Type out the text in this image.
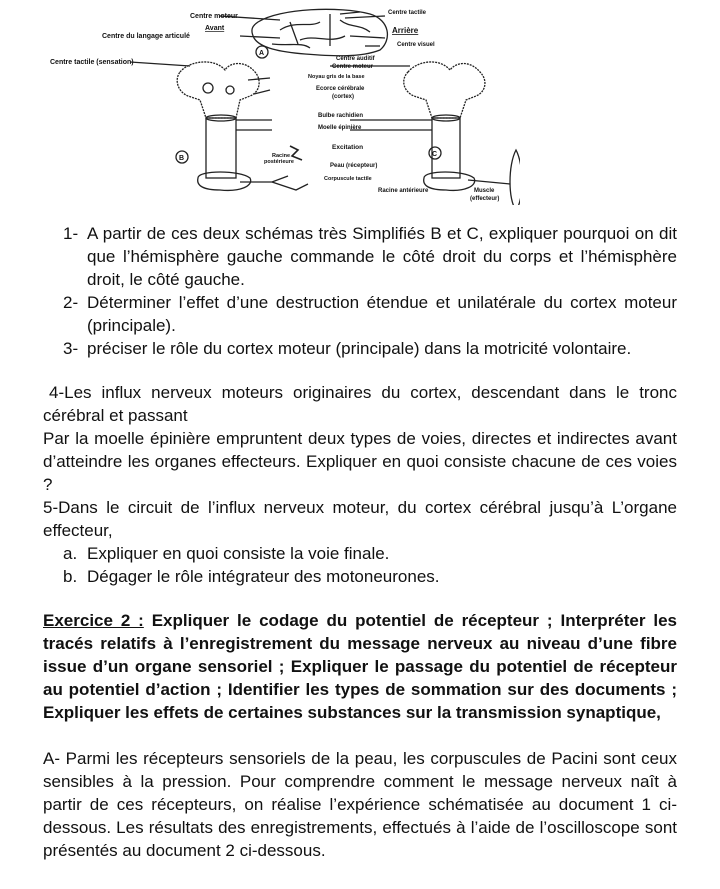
Centre moteur
Avant
Centre du langage articulé
Centre tactile
Arrière
Centre visuel
Centre tactile (sensation)	Centre auditif
Centre moteur
Noyau gris de la base
Ecorce cérébrale
(cortex)
Bulbe rachidien
Moelle épinière
Excitation
Racine
postérieure
Peau (récepteur)
Corpuscule tactile
Racine antérieure	Muscle
(effecteur)
A
B
C
1- A partir de ces deux schémas très Simplifiés B et C, expliquer pourquoi on dit que l’hémisphère gauche commande le côté droit du corps et l’hémisphère droit, le côté gauche.
2- Déterminer l’effet d’une destruction étendue et unilatérale du cortex moteur (principale).
3- préciser le rôle du cortex moteur (principale) dans la motricité volontaire.
4-Les influx nerveux moteurs originaires du cortex, descendant dans le tronc cérébral et passant
Par la moelle épinière empruntent deux types de voies, directes et indirectes avant d’atteindre les organes effecteurs. Expliquer en quoi consiste chacune de ces voies ?
5-Dans le circuit de l’influx nerveux moteur, du cortex cérébral jusqu’à L’organe effecteur,
a. Expliquer en quoi consiste la voie finale.
b. Dégager le rôle intégrateur des motoneurones.
Exercice 2 : Expliquer le codage du potentiel de récepteur ; Interpréter les tracés relatifs à l’enregistrement du message nerveux au niveau d’une fibre issue d’un organe sensoriel ; Expliquer le passage du potentiel de récepteur au potentiel d’action ; Identifier les types de sommation sur des documents ; Expliquer les effets de certaines substances sur la transmission synaptique,
A- Parmi les récepteurs sensoriels de la peau, les corpuscules de Pacini sont ceux sensibles à la pression. Pour comprendre comment le message nerveux naît à partir de ces récepteurs, on réalise l’expérience schématisée au document 1 ci-dessous. Les résultats des enregistrements, effectués à l’aide de l’oscilloscope sont présentés au document 2 ci-dessous.
